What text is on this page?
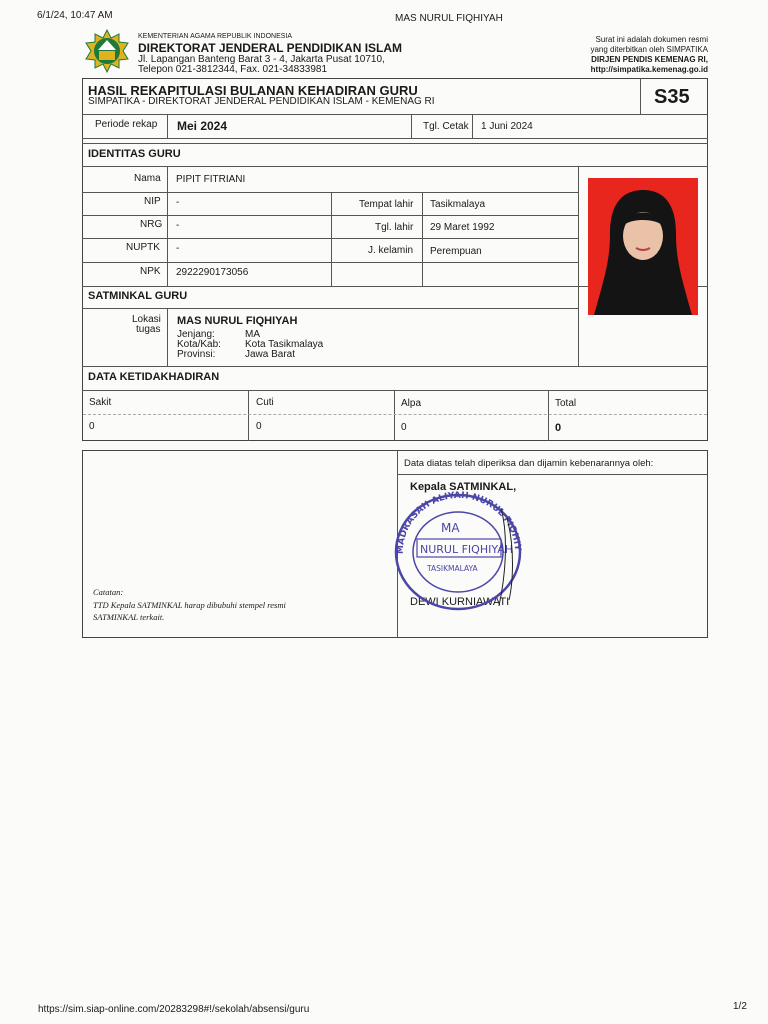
6/1/24, 10:47 AM	MAS NURUL FIQHIYAH
KEMENTERIAN AGAMA REPUBLIK INDONESIA
DIREKTORAT JENDERAL PENDIDIKAN ISLAM
Jl. Lapangan Banteng Barat 3 - 4, Jakarta Pusat 10710,
Telepon 021-3812344, Fax. 021-34833981
Surat ini adalah dokumen resmi
yang diterbitkan oleh SIMPATIKA
DIRJEN PENDIS KEMENAG RI,
http://simpatika.kemenag.go.id
HASIL REKAPITULASI BULANAN KEHADIRAN GURU
SIMPATIKA - DIREKTORAT JENDERAL PENDIDIKAN ISLAM - KEMENAG RI	S35
Periode rekap Mei 2024	Tgl. Cetak 1 Juni 2024
IDENTITAS GURU
Nama PIPIT FITRIANI
NIP -	Tempat lahir Tasikmalaya
NRG -	Tgl. lahir 29 Maret 1992
NUPTK -	J. kelamin Perempuan
NPK 2922290173056
SATMINKAL GURU
Lokasi
tugas
MAS NURUL FIQHIYAH
Jenjang:	MA
Kota/Kab: Kota Tasikmalaya
Provinsi:	Jawa Barat
DATA KETIDAKHADIRAN
Sakit	Cuti	Alpa	Total
0	0	0	0
Data diatas telah diperiksa dan dijamin kebenarannya oleh:
Kepala SATMINKAL,
DEWI KURNIAWATI
MADRASAH ALIYAH NURUL FIQHIY
MA
NURUL FIQHIYAH
TASIKMALAYA
Catatan:
TTD Kepala SATMINKAL harap dibubuhi stempel resmi
SATMINKAL terkait.
https://sim.siap-online.com/20283298#!/sekolah/absensi/guru	1/2
